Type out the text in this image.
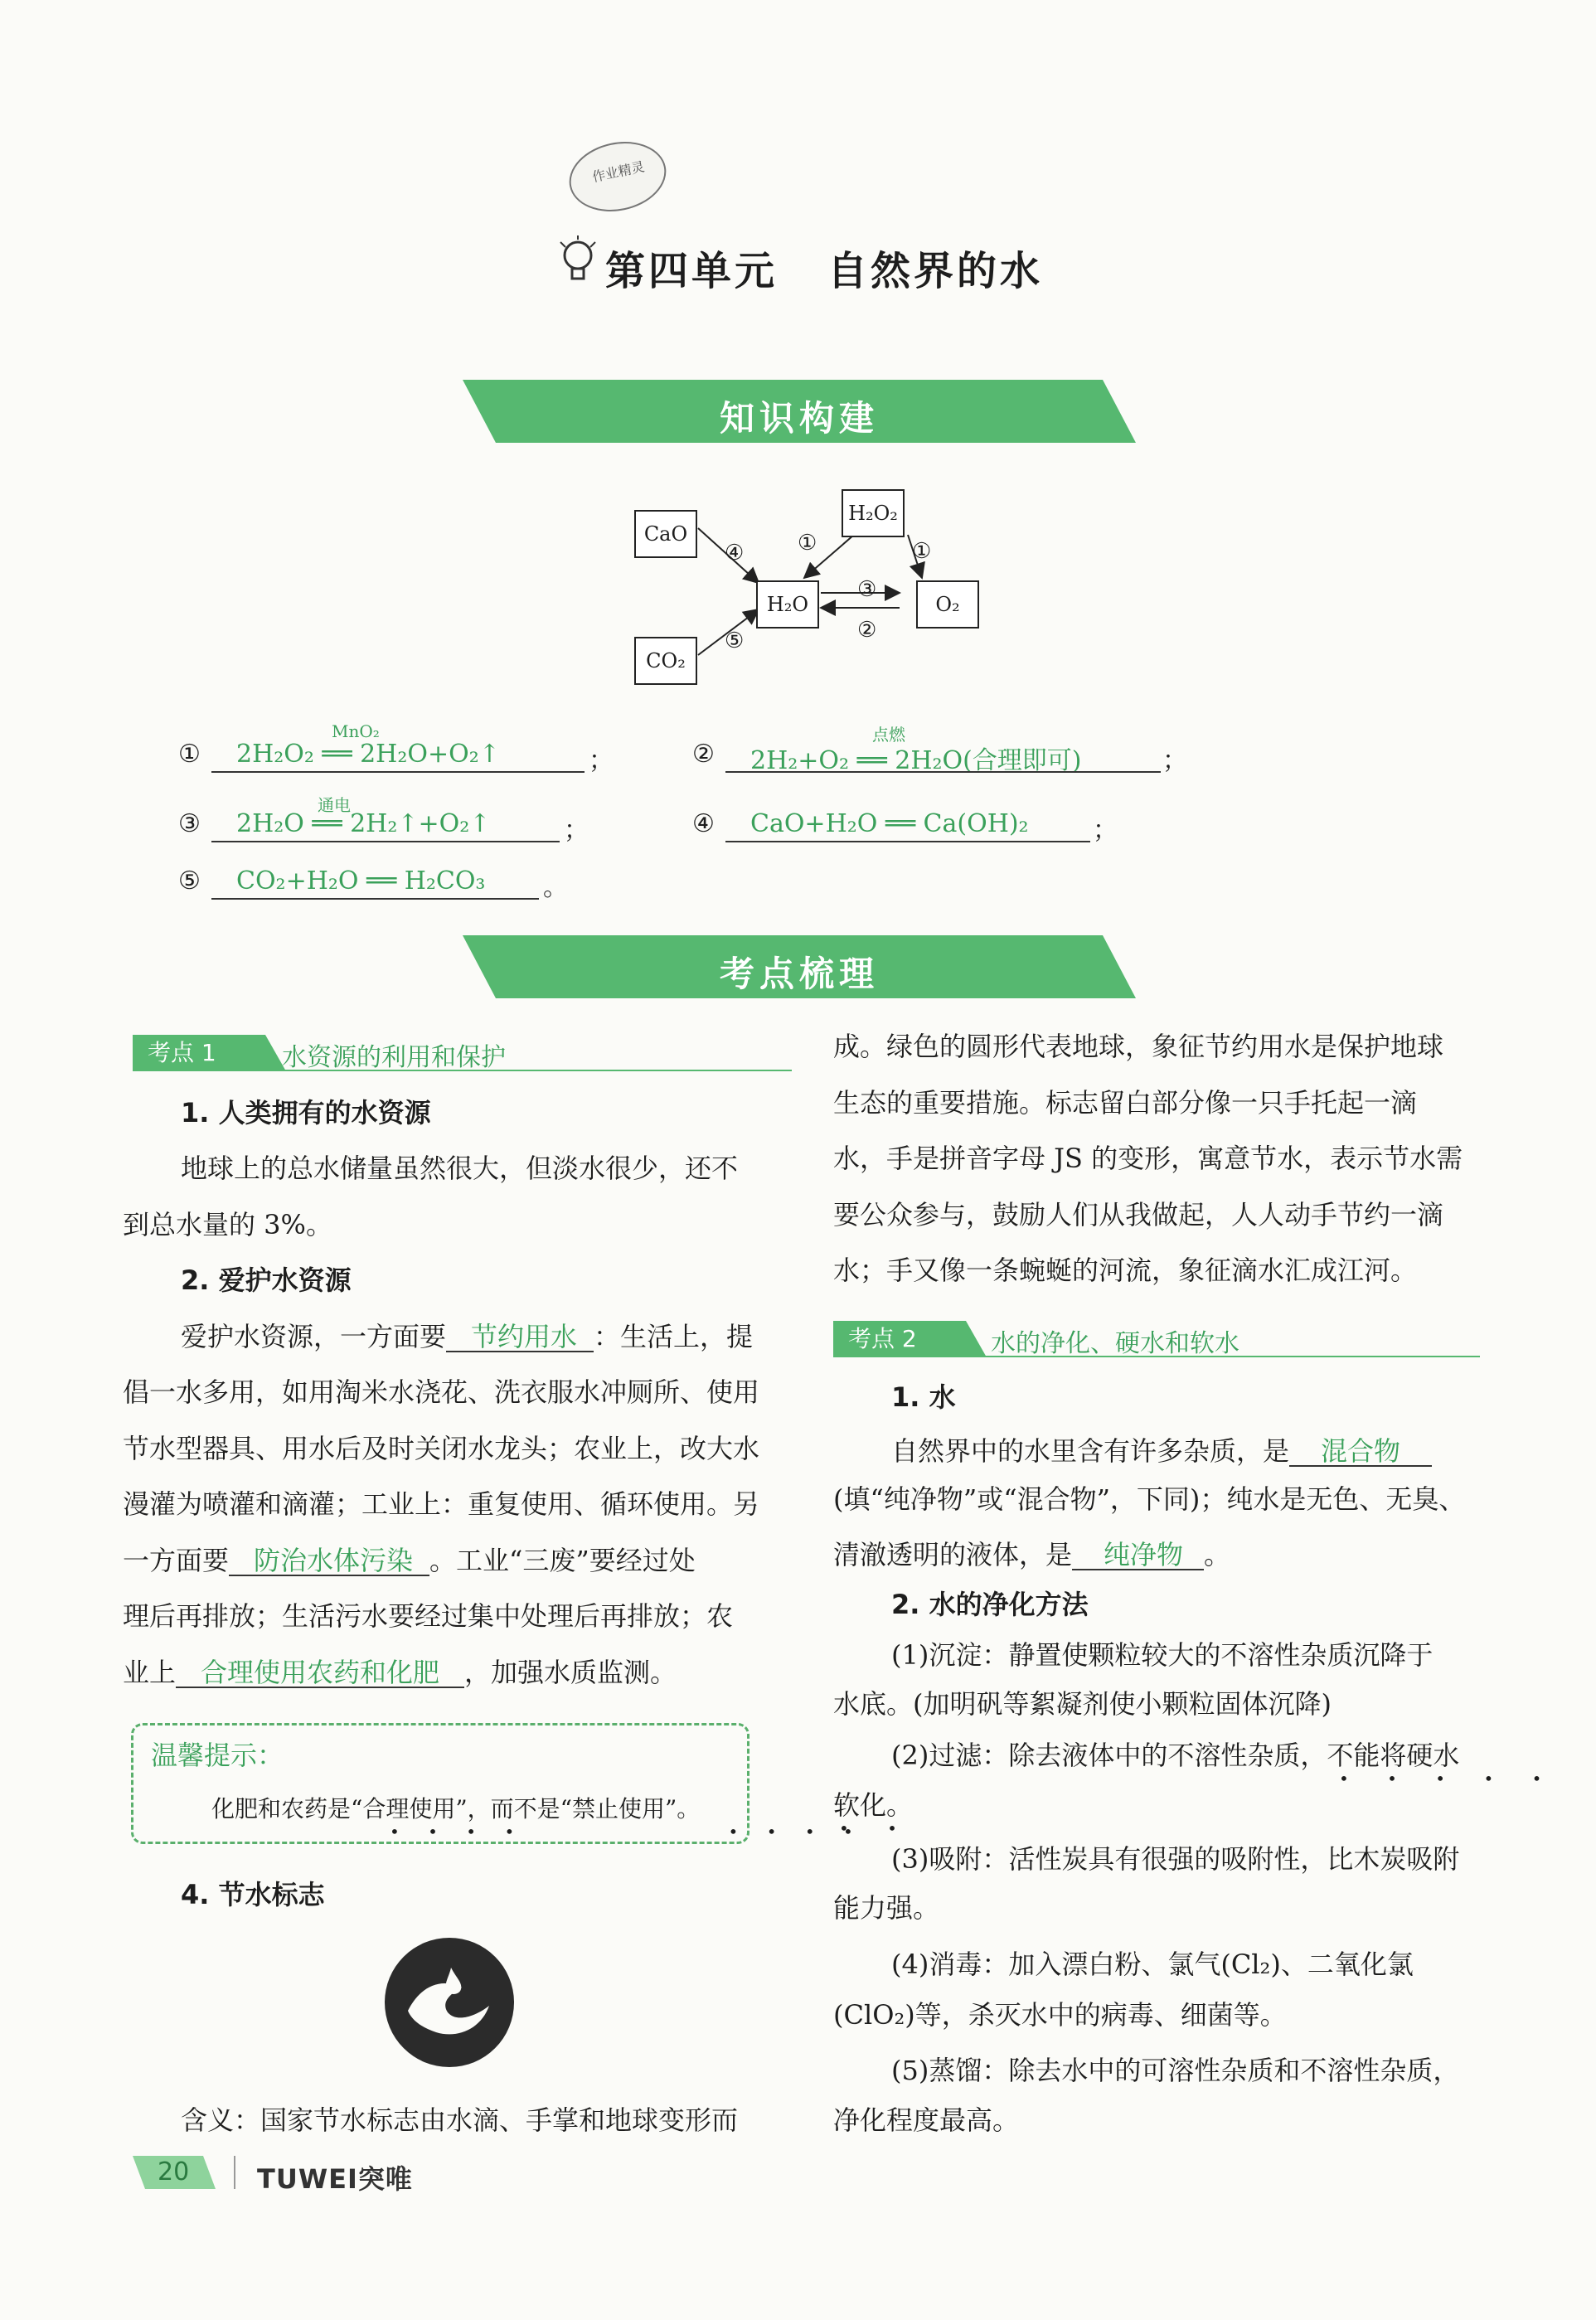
作业精灵
第四单元 自然界的水
知识构建
CaO
H₂O₂
H₂O	O₂
CO₂
④
⑤
①	①
③
②
①
MnO₂
2H₂O₂ ══ 2H₂O+O₂↑	；	②
点燃
2H₂+O₂ ══ 2H₂O(合理即可)	；
③
通电
2H₂O ══ 2H₂↑+O₂↑	；	④ CaO+H₂O ══ Ca(OH)₂	；
⑤ CO₂+H₂O ══ H₂CO₃ 。
考点梳理
考点 1	水资源的利用和保护
1. 人类拥有的水资源
地球上的总水储量虽然很大，但淡水很少，还不
到总水量的 3%。
2. 爱护水资源
爱护水资源，一方面要 节约用水 ：生活上，提
倡一水多用，如用淘米水浇花、洗衣服水冲厕所、使用
节水型器具、用水后及时关闭水龙头；农业上，改大水
漫灌为喷灌和滴灌；工业上：重复使用、循环使用。另
一方面要 防治水体污染 。工业“三废”要经过处
理后再排放；生活污水要经过集中处理后再排放；农
业上 合理使用农药和化肥 ，加强水质监测。
温馨提示：
化肥和农药是“合理使用”，而不是“禁止使用”。
• • • •            • • • •
4. 节水标志
含义：国家节水标志由水滴、手掌和地球变形而
成。绿色的圆形代表地球，象征节约用水是保护地球
生态的重要措施。标志留白部分像一只手托起一滴
水，手是拼音字母 JS 的变形，寓意节水，表示节水需
要公众参与，鼓励人们从我做起，人人动手节约一滴
水；手又像一条蜿蜒的河流，象征滴水汇成江河。
考点 2	水的净化、硬水和软水
1. 水
自然界中的水里含有许多杂质，是 混合物
(填“纯净物”或“混合物”，下同)；纯水是无色、无臭、
清澈透明的液体，是 纯净物 。
2. 水的净化方法
(1)沉淀：静置使颗粒较大的不溶性杂质沉降于
水底。(加明矾等絮凝剂使小颗粒固体沉降)
(2)过滤：除去液体中的不溶性杂质，不能将硬水
• • • • •
软化。
• •
(3)吸附：活性炭具有很强的吸附性，比木炭吸附
能力强。
(4)消毒：加入漂白粉、氯气(Cl₂)、二氧化氯
(ClO₂)等，杀灭水中的病毒、细菌等。
(5)蒸馏：除去水中的可溶性杂质和不溶性杂质，
净化程度最高。
20	TUWEI突唯
